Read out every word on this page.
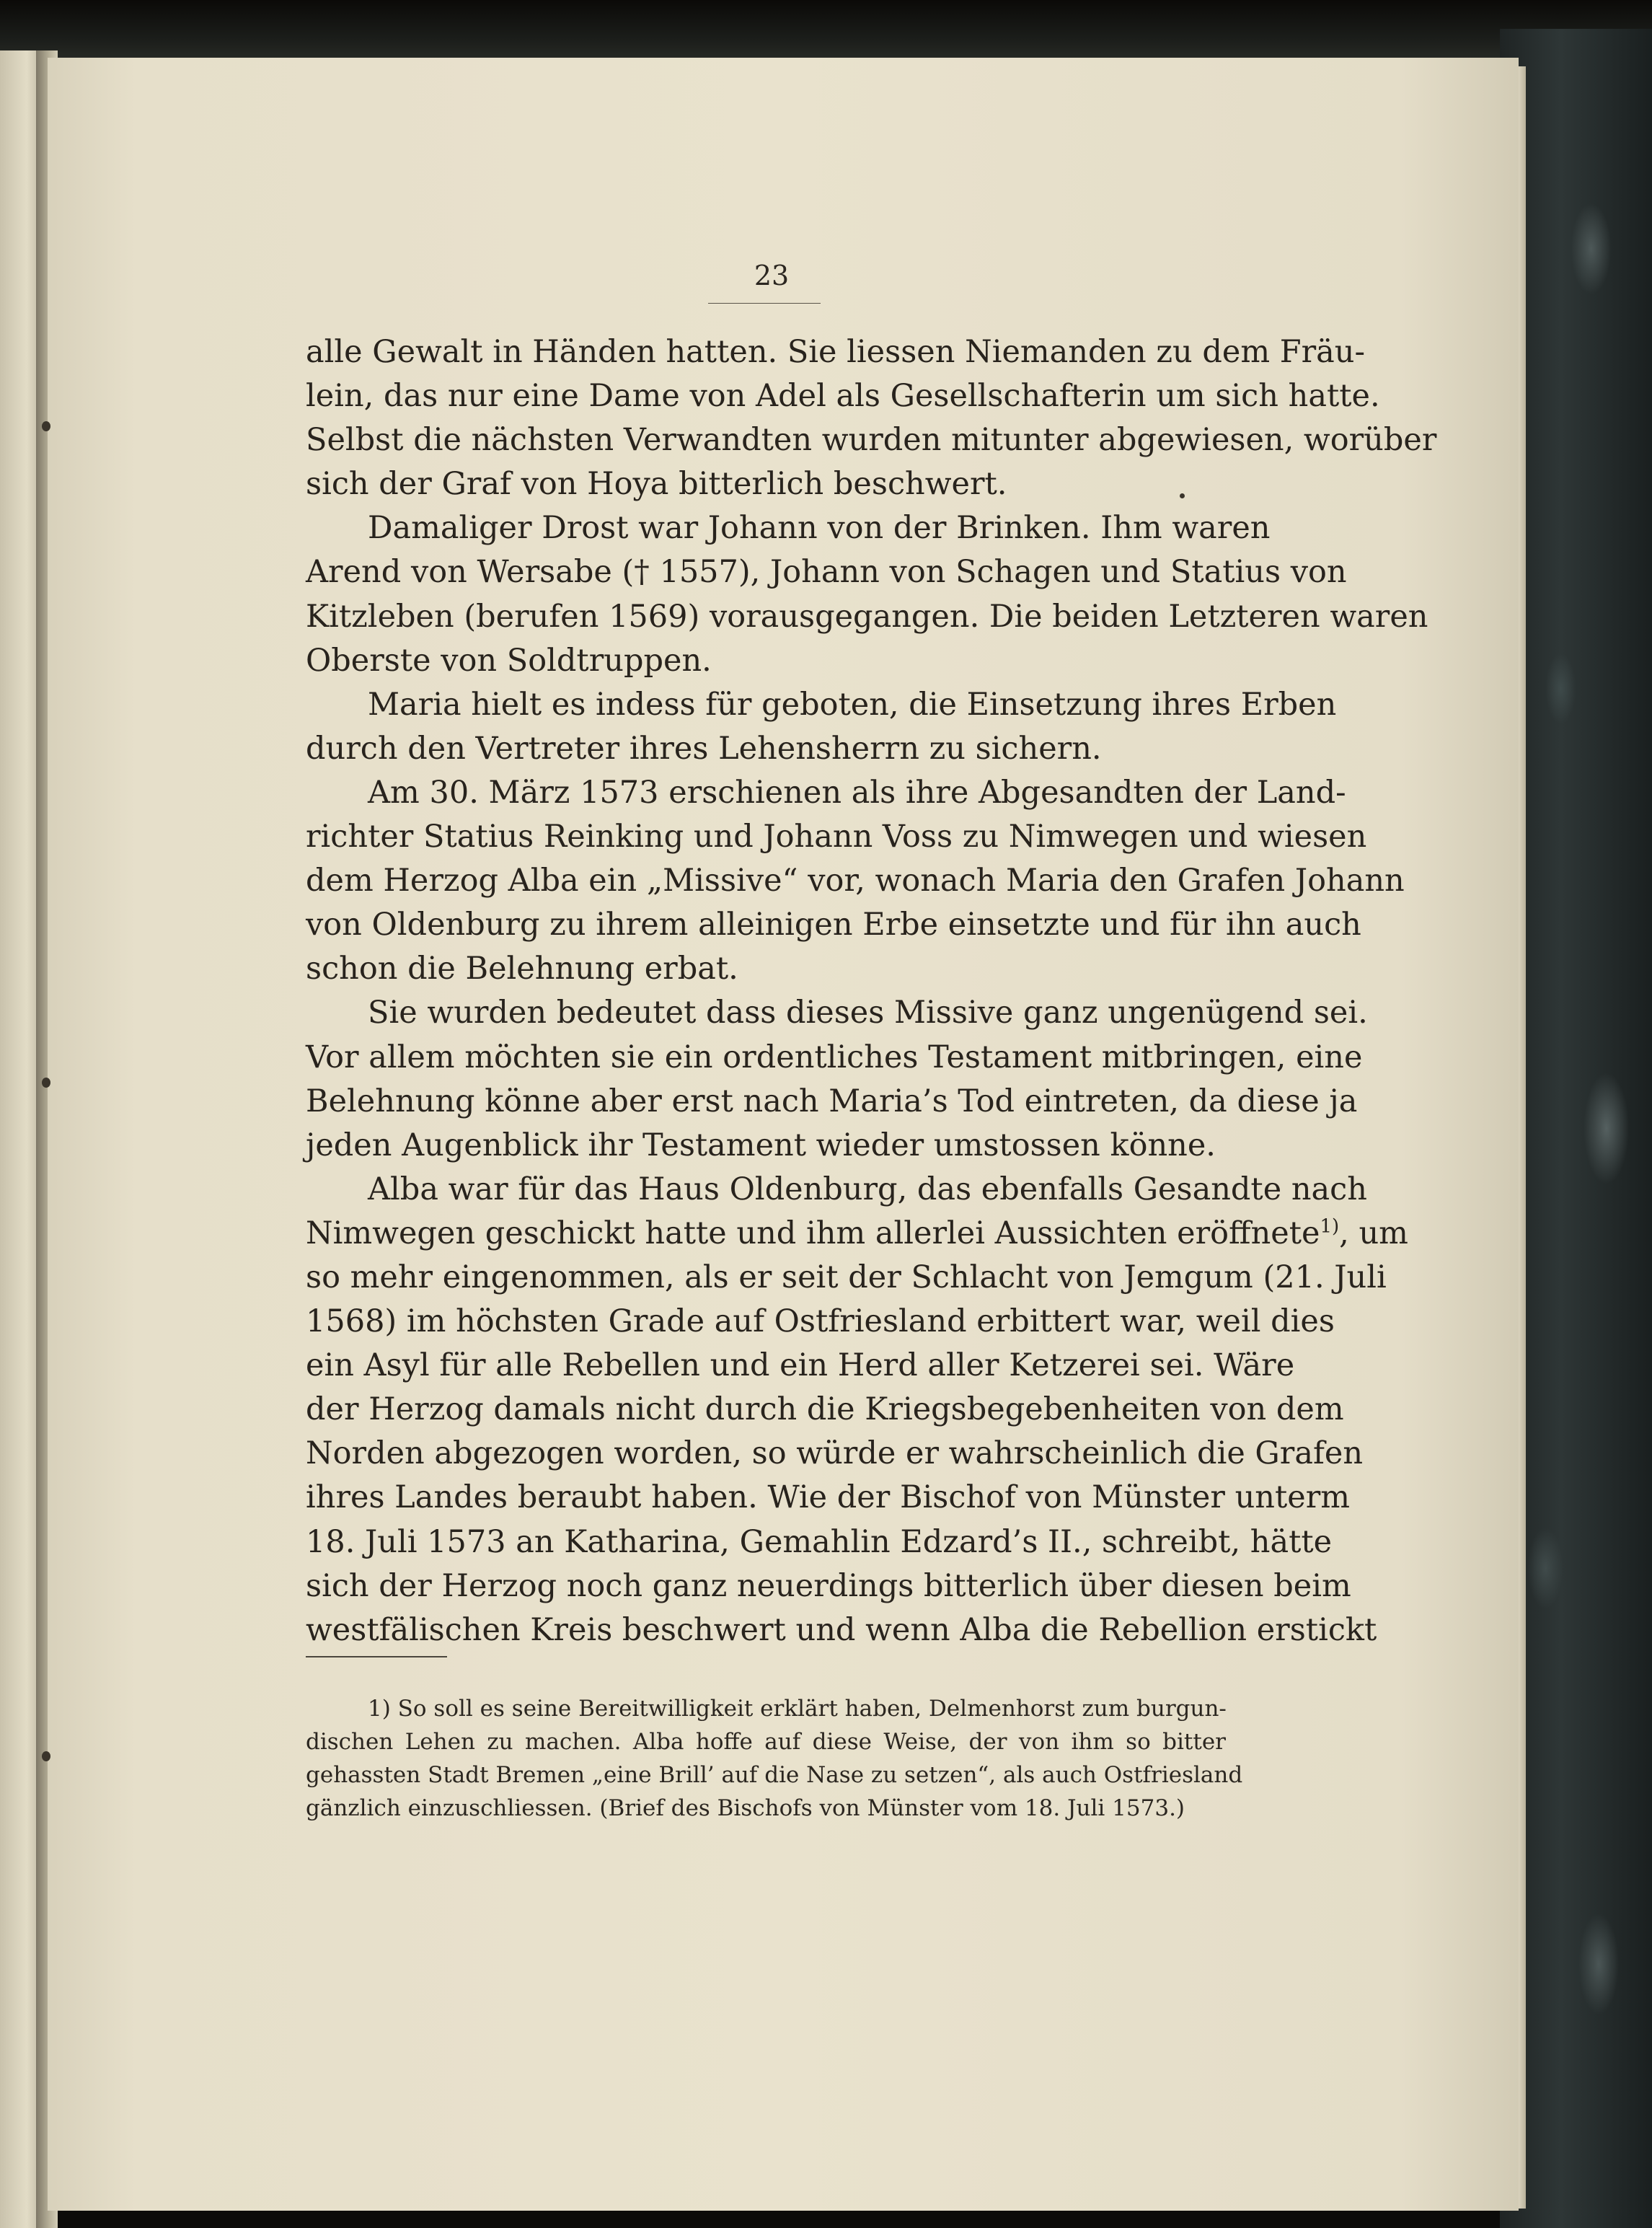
23
alle Gewalt in Händen hatten. Sie liessen Niemanden zu dem Fräu-
lein, das nur eine Dame von Adel als Gesellschafterin um sich hatte.
Selbst die nächsten Verwandten wurden mitunter abgewiesen, worüber
sich der Graf von Hoya bitterlich beschwert.
Damaliger Drost war Johann von der Brinken. Ihm waren
Arend von Wersabe († 1557), Johann von Schagen und Statius von
Kitzleben (berufen 1569) vorausgegangen. Die beiden Letzteren waren
Oberste von Soldtruppen.
Maria hielt es indess für geboten, die Einsetzung ihres Erben
durch den Vertreter ihres Lehensherrn zu sichern.
Am 30. März 1573 erschienen als ihre Abgesandten der Land-
richter Statius Reinking und Johann Voss zu Nimwegen und wiesen
dem Herzog Alba ein „Missive“ vor, wonach Maria den Grafen Johann
von Oldenburg zu ihrem alleinigen Erbe einsetzte und für ihn auch
schon die Belehnung erbat.
Sie wurden bedeutet dass dieses Missive ganz ungenügend sei.
Vor allem möchten sie ein ordentliches Testament mitbringen, eine
Belehnung könne aber erst nach Maria’s Tod eintreten, da diese ja
jeden Augenblick ihr Testament wieder umstossen könne.
Alba war für das Haus Oldenburg, das ebenfalls Gesandte nach
Nimwegen geschickt hatte und ihm allerlei Aussichten eröffnete$^{1)}$, um
so mehr eingenommen, als er seit der Schlacht von Jemgum (21. Juli
1568) im höchsten Grade auf Ostfriesland erbittert war, weil dies
ein Asyl für alle Rebellen und ein Herd aller Ketzerei sei. Wäre
der Herzog damals nicht durch die Kriegsbegebenheiten von dem
Norden abgezogen worden, so würde er wahrscheinlich die Grafen
ihres Landes beraubt haben. Wie der Bischof von Münster unterm
18. Juli 1573 an Katharina, Gemahlin Edzard’s II., schreibt, hätte
sich der Herzog noch ganz neuerdings bitterlich über diesen beim
westfälischen Kreis beschwert und wenn Alba die Rebellion erstickt
1) So soll es seine Bereitwilligkeit erklärt haben, Delmenhorst zum burgun-
dischen Lehen zu machen. Alba hoffe auf diese Weise, der von ihm so bitter
gehassten Stadt Bremen „eine Brill’ auf die Nase zu setzen“, als auch Ostfriesland
gänzlich einzuschliessen. (Brief des Bischofs von Münster vom 18. Juli 1573.)
